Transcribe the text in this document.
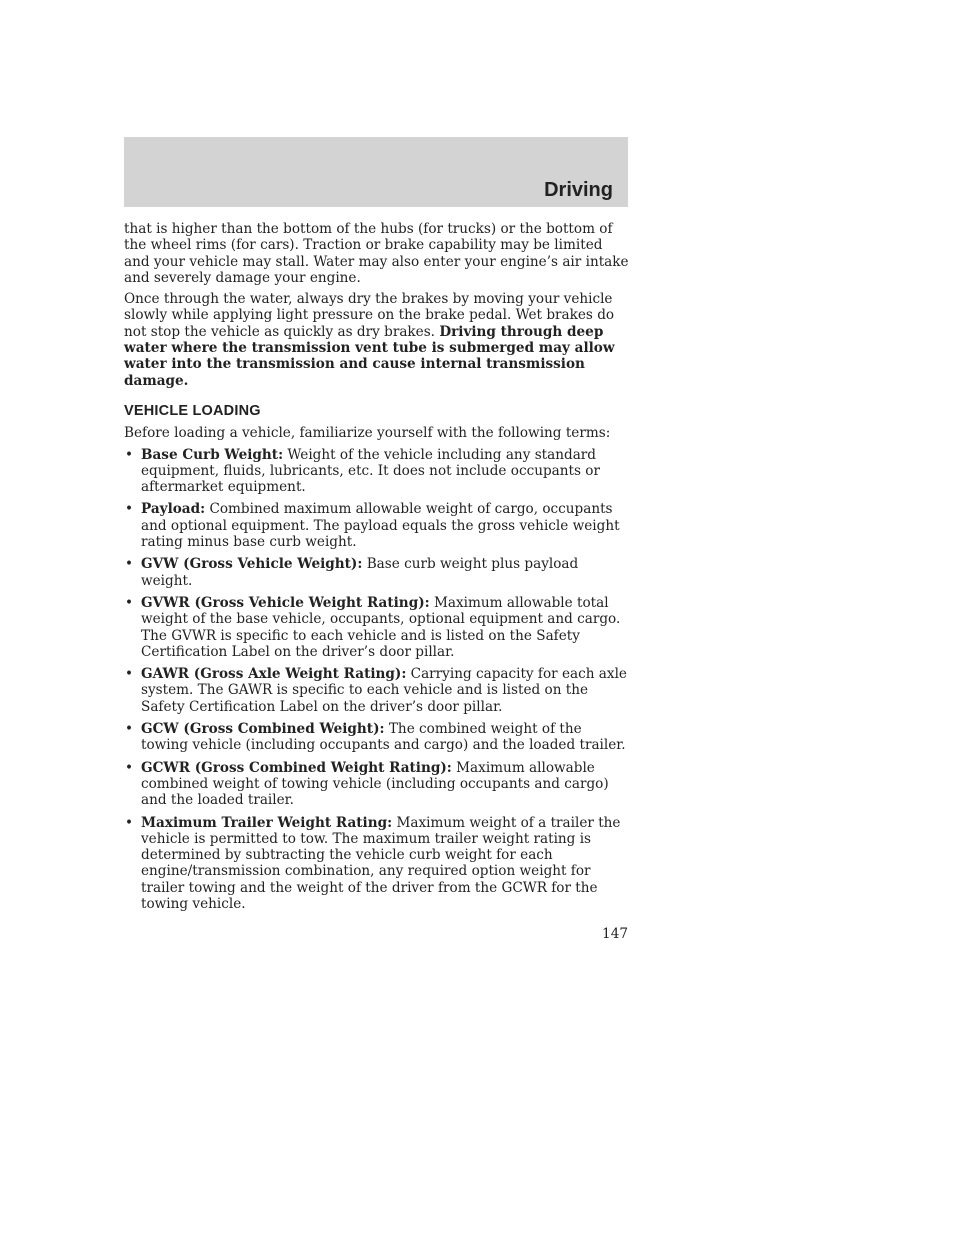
Driving

that is higher than the bottom of the hubs (for trucks) or the bottom of the wheel rims (for cars). Traction or brake capability may be limited and your vehicle may stall. Water may also enter your engine’s air intake and severely damage your engine.

Once through the water, always dry the brakes by moving your vehicle slowly while applying light pressure on the brake pedal. Wet brakes do not stop the vehicle as quickly as dry brakes. Driving through deep water where the transmission vent tube is submerged may allow water into the transmission and cause internal transmission damage.

VEHICLE LOADING

Before loading a vehicle, familiarize yourself with the following terms:

• Base Curb Weight: Weight of the vehicle including any standard equipment, fluids, lubricants, etc. It does not include occupants or aftermarket equipment.
• Payload: Combined maximum allowable weight of cargo, occupants and optional equipment. The payload equals the gross vehicle weight rating minus base curb weight.
• GVW (Gross Vehicle Weight): Base curb weight plus payload weight.
• GVWR (Gross Vehicle Weight Rating): Maximum allowable total weight of the base vehicle, occupants, optional equipment and cargo. The GVWR is specific to each vehicle and is listed on the Safety Certification Label on the driver’s door pillar.
• GAWR (Gross Axle Weight Rating): Carrying capacity for each axle system. The GAWR is specific to each vehicle and is listed on the Safety Certification Label on the driver’s door pillar.
• GCW (Gross Combined Weight): The combined weight of the towing vehicle (including occupants and cargo) and the loaded trailer.
• GCWR (Gross Combined Weight Rating): Maximum allowable combined weight of towing vehicle (including occupants and cargo) and the loaded trailer.
• Maximum Trailer Weight Rating: Maximum weight of a trailer the vehicle is permitted to tow. The maximum trailer weight rating is determined by subtracting the vehicle curb weight for each engine/transmission combination, any required option weight for trailer towing and the weight of the driver from the GCWR for the towing vehicle.
147
